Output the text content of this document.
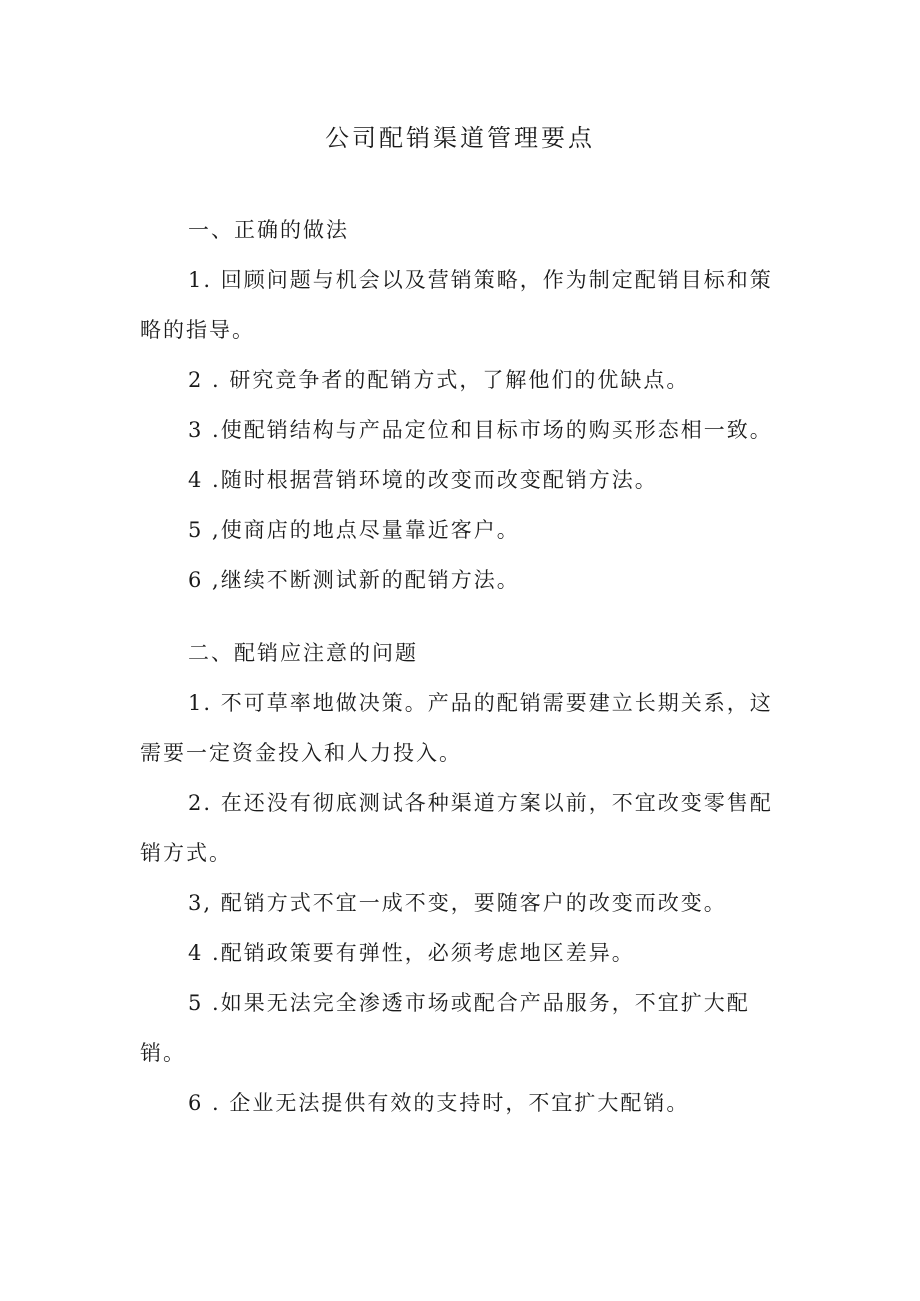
公司配销渠道管理要点
一、正确的做法

1. 回顾问题与机会以及营销策略，作为制定配销目标和策略的指导。

2 . 研究竞争者的配销方式，了解他们的优缺点。

3 .使配销结构与产品定位和目标市场的购买形态相一致。

4 .随时根据营销环境的改变而改变配销方法。

5 ,使商店的地点尽量靠近客户。

6 ,继续不断测试新的配销方法。

二、配销应注意的问题

1. 不可草率地做决策。产品的配销需要建立长期关系，这需要一定资金投入和人力投入。

2. 在还没有彻底测试各种渠道方案以前，不宜改变零售配销方式。

3, 配销方式不宜一成不变，要随客户的改变而改变。

4 .配销政策要有弹性，必须考虑地区差异。

5 .如果无法完全渗透市场或配合产品服务，不宜扩大配销。

6 . 企业无法提供有效的支持时，不宜扩大配销。
